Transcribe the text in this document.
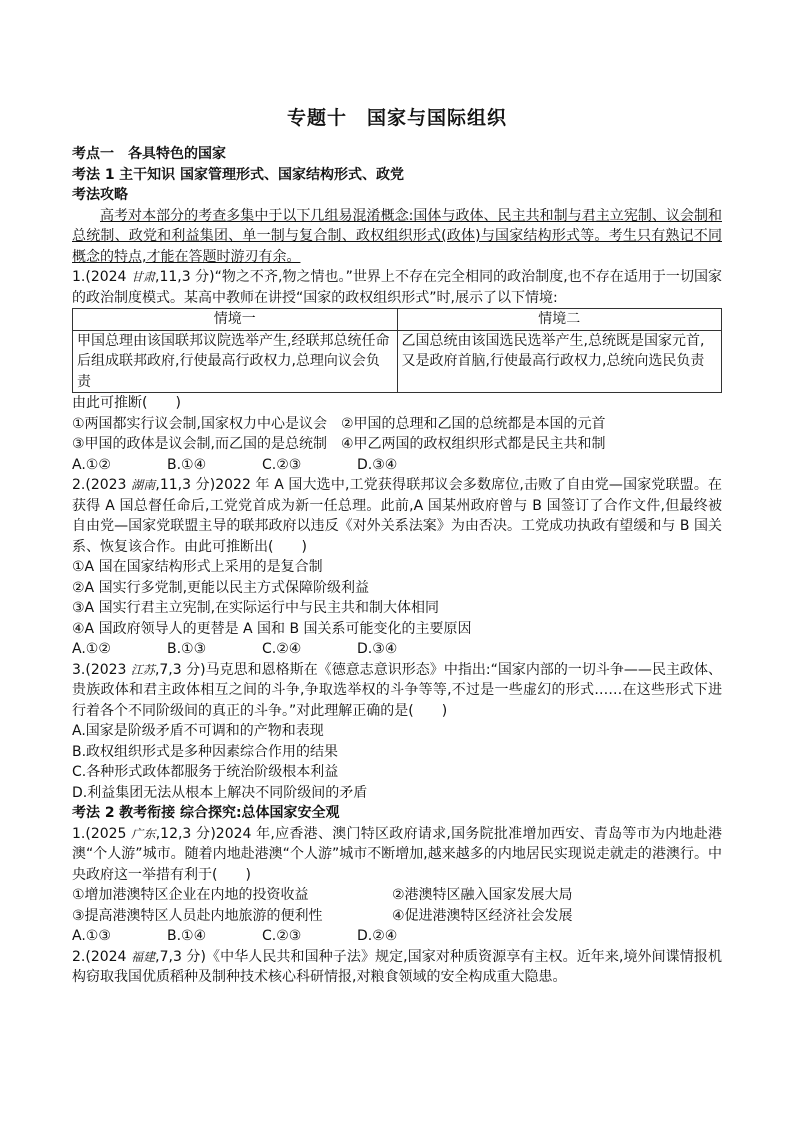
专题十　国家与国际组织
考点一　各具特色的国家
考法 1 主干知识 国家管理形式、国家结构形式、政党
考法攻略
高考对本部分的考查多集中于以下几组易混淆概念:国体与政体、民主共和制与君主立宪制、议会制和总统制、政党和利益集团、单一制与复合制、政权组织形式(政体)与国家结构形式等。考生只有熟记不同概念的特点,才能在答题时游刃有余。
1.(2024 甘肃,11,3 分)“物之不齐,物之情也。”世界上不存在完全相同的政治制度,也不存在适用于一切国家的政治制度模式。某高中教师在讲授“国家的政权组织形式”时,展示了以下情境:
情境一	情境二
甲国总理由该国联邦议院选举产生,经联邦总统任命后组成联邦政府,行使最高行政权力,总理向议会负责	乙国总统由该国选民选举产生,总统既是国家元首,又是政府首脑,行使最高行政权力,总统向选民负责
由此可推断(　　)
①两国都实行议会制,国家权力中心是议会　 ②甲国的总理和乙国的总统都是本国的元首
③甲国的政体是议会制,而乙国的是总统制　 ④甲乙两国的政权组织形式都是民主共和制
A.①②	B.①④	C.②③	D.③④
2.(2023 湖南,11,3 分)2022 年 A 国大选中,工党获得联邦议会多数席位,击败了自由党—国家党联盟。在获得 A 国总督任命后,工党党首成为新一任总理。此前,A 国某州政府曾与 B 国签订了合作文件,但最终被自由党—国家党联盟主导的联邦政府以违反《对外关系法案》为由否决。工党成功执政有望缓和与 B 国关系、恢复该合作。由此可推断出(　　)
①A 国在国家结构形式上采用的是复合制
②A 国实行多党制,更能以民主方式保障阶级利益
③A 国实行君主立宪制,在实际运行中与民主共和制大体相同
④A 国政府领导人的更替是 A 国和 B 国关系可能变化的主要原因
A.①②	B.①③	C.②④	D.③④
3.(2023 江苏,7,3 分)马克思和恩格斯在《德意志意识形态》中指出:“国家内部的一切斗争——民主政体、贵族政体和君主政体相互之间的斗争,争取选举权的斗争等等,不过是一些虚幻的形式……在这些形式下进行着各个不同阶级间的真正的斗争。”对此理解正确的是(　　)
A.国家是阶级矛盾不可调和的产物和表现
B.政权组织形式是多种因素综合作用的结果
C.各种形式政体都服务于统治阶级根本利益
D.利益集团无法从根本上解决不同阶级间的矛盾
考法 2 教考衔接 综合探究:总体国家安全观
1.(2025 广东,12,3 分)2024 年,应香港、澳门特区政府请求,国务院批准增加西安、青岛等市为内地赴港澳“个人游”城市。随着内地赴港澳“个人游”城市不断增加,越来越多的内地居民实现说走就走的港澳行。中央政府这一举措有利于(　　)
①增加港澳特区企业在内地的投资收益	②港澳特区融入国家发展大局
③提高港澳特区人员赴内地旅游的便利性	④促进港澳特区经济社会发展
A.①③	B.①④	C.②③	D.②④
2.(2024 福建,7,3 分)《中华人民共和国种子法》规定,国家对种质资源享有主权。近年来,境外间谍情报机构窃取我国优质稻种及制种技术核心科研情报,对粮食领域的安全构成重大隐患。
